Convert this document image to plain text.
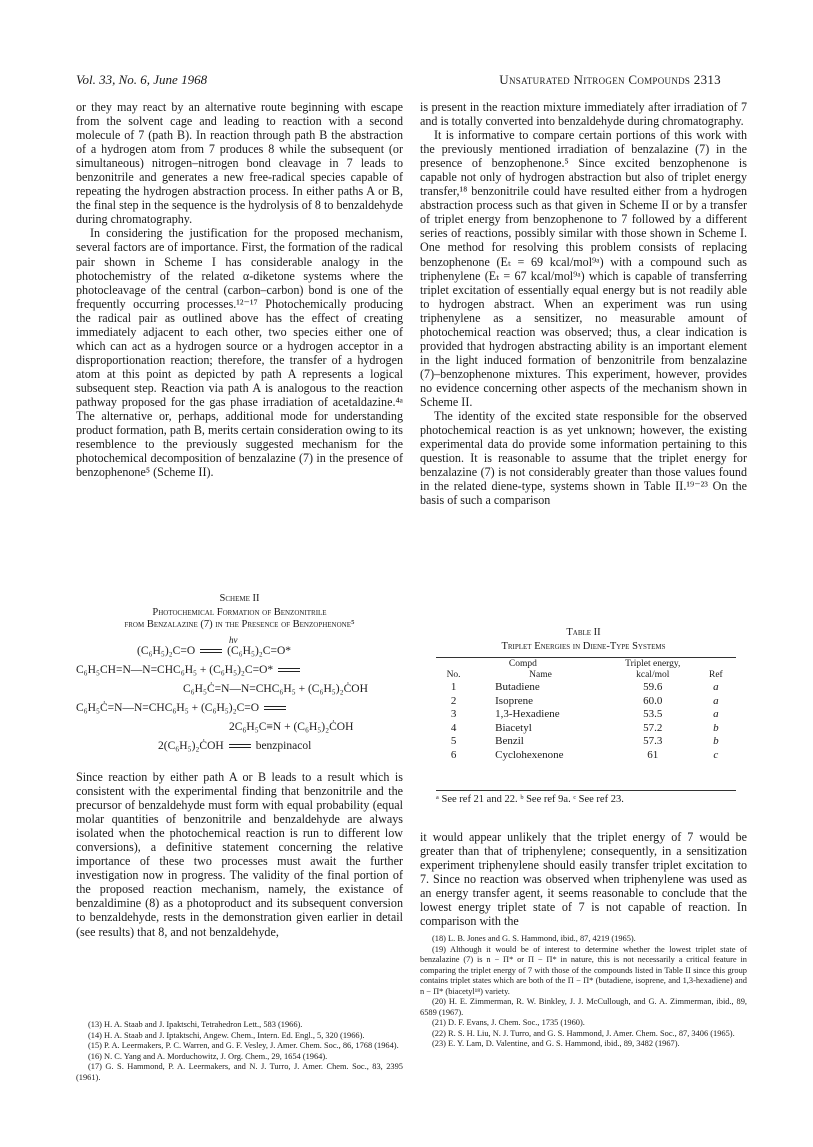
Vol. 33, No. 6, June 1968	Unsaturated Nitrogen Compounds 2313

or they may react by an alternative route beginning with escape from the solvent cage and leading to reaction with a second molecule of 7 (path B). In reaction through path B the abstraction of a hydrogen atom from 7 produces 8 while the subsequent (or simultaneous) nitrogen–nitrogen bond cleavage in 7 leads to benzonitrile and generates a new free-radical species capable of repeating the hydrogen abstraction process. In either paths A or B, the final step in the sequence is the hydrolysis of 8 to benzaldehyde during chromatography.

In considering the justification for the proposed mechanism, several factors are of importance. First, the formation of the radical pair shown in Scheme I has considerable analogy in the photochemistry of the related α-diketone systems where the photocleavage of the central (carbon–carbon) bond is one of the frequently occurring processes.¹²⁻¹⁷ Photochemically producing the radical pair as outlined above has the effect of creating immediately adjacent to each other, two species either one of which can act as a hydrogen source or a hydrogen acceptor in a disproportionation reaction; therefore, the transfer of a hydrogen atom at this point as depicted by path A represents a logical subsequent step. Reaction via path A is analogous to the reaction pathway proposed for the gas phase irradiation of acetaldazine.⁴ᵃ The alternative or, perhaps, additional mode for understanding product formation, path B, merits certain consideration owing to its resemblence to the previously suggested mechanism for the photochemical decomposition of benzalazine (7) in the presence of benzophenone⁵ (Scheme II).

Scheme II
Photochemical Formation of Benzonitrile
from Benzalazine (7) in the Presence of Benzophenone⁵
hν
(C₆H₅)₂C=O	(C₆H₅)₂C=O*
C₆H₅CH=N—N=CHC₆H₅ + (C₆H₅)₂C=O*
C₆H₅Ċ=N—N=CHC₆H₅ + (C₆H₅)₂ĊOH
C₆H₅Ċ=N—N=CHC₆H₅ + (C₆H₅)₂C=O
2C₆H₅C≡N + (C₆H₅)₂ĊOH
2(C₆H₅)₂ĊOH	benzpinacol

Since reaction by either path A or B leads to a result which is consistent with the experimental finding that benzonitrile and the precursor of benzaldehyde must form with equal probability (equal molar quantities of benzonitrile and benzaldehyde are always isolated when the photochemical reaction is run to different low conversions), a definitive statement concerning the relative importance of these two processes must await the further investigation now in progress. The validity of the final portion of the proposed reaction mechanism, namely, the existance of benzaldimine (8) as a photoproduct and its subsequent conversion to benzaldehyde, rests in the demonstration given earlier in detail (see results) that 8, and not benzaldehyde,

(13) H. A. Staab and J. Ipaktschi, Tetrahedron Lett., 583 (1966).

(14) H. A. Staab and J. Iptaktschi, Angew. Chem., Intern. Ed. Engl., 5, 320 (1966).

(15) P. A. Leermakers, P. C. Warren, and G. F. Vesley, J. Amer. Chem. Soc., 86, 1768 (1964).

(16) N. C. Yang and A. Morduchowitz, J. Org. Chem., 29, 1654 (1964).

(17) G. S. Hammond, P. A. Leermakers, and N. J. Turro, J. Amer. Chem. Soc., 83, 2395 (1961).

is present in the reaction mixture immediately after irradiation of 7 and is totally converted into benzaldehyde during chromatography.

It is informative to compare certain portions of this work with the previously mentioned irradiation of benzalazine (7) in the presence of benzophenone.⁵ Since excited benzophenone is capable not only of hydrogen abstraction but also of triplet energy transfer,¹⁸ benzonitrile could have resulted either from a hydrogen abstraction process such as that given in Scheme II or by a transfer of triplet energy from benzophenone to 7 followed by a different series of reactions, possibly similar with those shown in Scheme I. One method for resolving this problem consists of replacing benzophenone (Eₜ = 69 kcal/mol⁹ᵃ) with a compound such as triphenylene (Eₜ = 67 kcal/mol⁹ᵃ) which is capable of transferring triplet excitation of essentially equal energy but is not readily able to hydrogen abstract. When an experiment was run using triphenylene as a sensitizer, no measurable amount of photochemical reaction was observed; thus, a clear indication is provided that hydrogen abstracting ability is an important element in the light induced formation of benzonitrile from benzalazine (7)–benzophenone mixtures. This experiment, however, provides no evidence concerning other aspects of the mechanism shown in Scheme II.

The identity of the excited state responsible for the observed photochemical reaction is as yet unknown; however, the existing experimental data do provide some information pertaining to this question. It is reasonable to assume that the triplet energy for benzalazine (7) is not considerably greater than those values found in the related diene-type, systems shown in Table II.¹⁹⁻²³ On the basis of such a comparison

Table II
Triplet Energies in Diene-Type Systems
Compd		Triplet energy,	
No.	Name	kcal/mol	Ref
1	Butadiene	59.6	a
2	Isoprene	60.0	a
3	1,3-Hexadiene	53.5	a
4	Biacetyl	57.2	b
5	Benzil	57.3	b
6	Cyclohexenone	61	c
ᵃ See ref 21 and 22. ᵇ See ref 9a. ᶜ See ref 23.

it would appear unlikely that the triplet energy of 7 would be greater than that of triphenylene; consequently, in a sensitization experiment triphenylene should easily transfer triplet excitation to 7. Since no reaction was observed when triphenylene was used as an energy transfer agent, it seems reasonable to conclude that the lowest energy triplet state of 7 is not capable of reaction. In comparison with the

(18) L. B. Jones and G. S. Hammond, ibid., 87, 4219 (1965).

(19) Although it would be of interest to determine whether the lowest triplet state of benzalazine (7) is n − Π* or Π − Π* in nature, this is not necessarily a critical feature in comparing the triplet energy of 7 with those of the compounds listed in Table II since this group contains triplet states which are both of the Π − Π* (butadiene, isoprene, and 1,3-hexadiene) and n − Π* (biacetyl¹⁸) variety.

(20) H. E. Zimmerman, R. W. Binkley, J. J. McCullough, and G. A. Zimmerman, ibid., 89, 6589 (1967).

(21) D. F. Evans, J. Chem. Soc., 1735 (1960).

(22) R. S. H. Liu, N. J. Turro, and G. S. Hammond, J. Amer. Chem. Soc., 87, 3406 (1965).

(23) E. Y. Lam, D. Valentine, and G. S. Hammond, ibid., 89, 3482 (1967).
